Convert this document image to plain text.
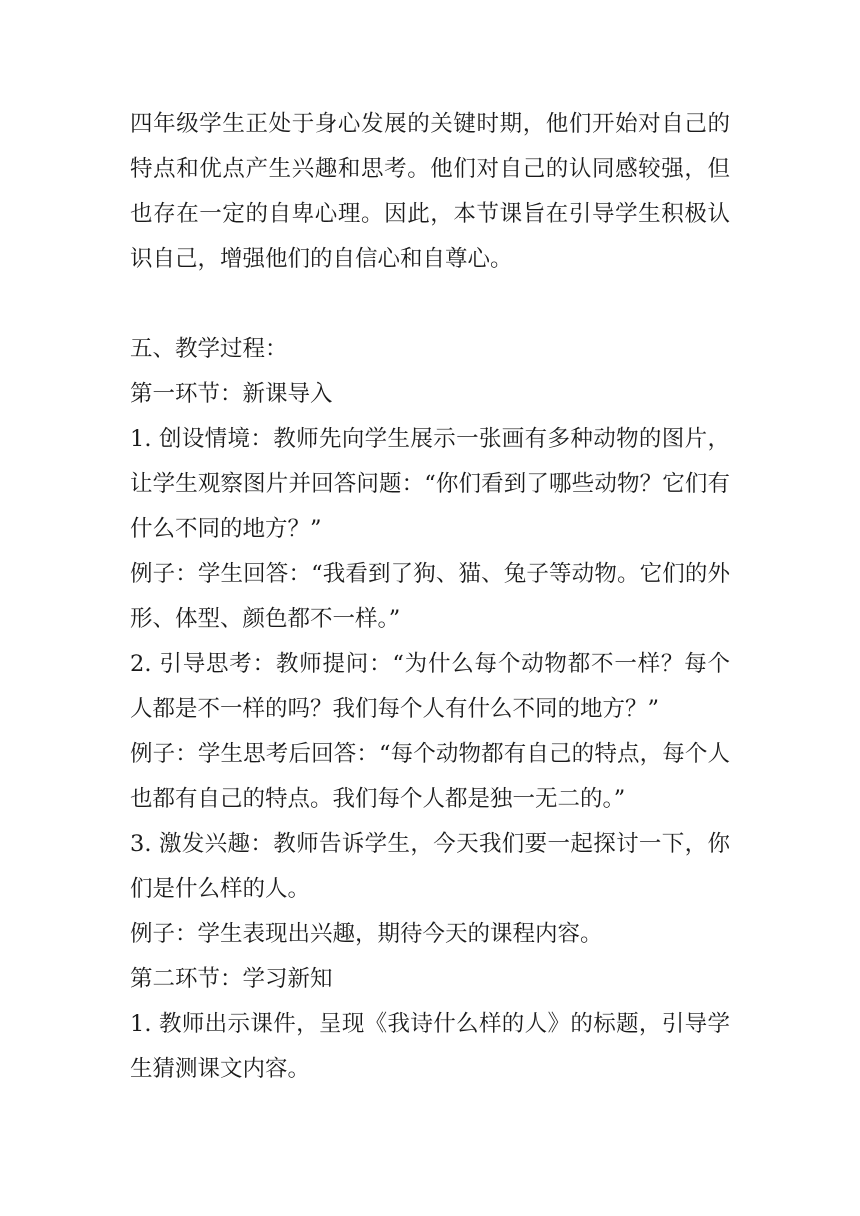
四年级学生正处于身心发展的关键时期，他们开始对自己的特点和优点产生兴趣和思考。他们对自己的认同感较强，但也存在一定的自卑心理。因此，本节课旨在引导学生积极认识自己，增强他们的自信心和自尊心。

五、教学过程：

第一环节：新课导入

1. 创设情境：教师先向学生展示一张画有多种动物的图片，让学生观察图片并回答问题：“你们看到了哪些动物？它们有什么不同的地方？”

例子：学生回答：“我看到了狗、猫、兔子等动物。它们的外形、体型、颜色都不一样。”

2. 引导思考：教师提问：“为什么每个动物都不一样？每个人都是不一样的吗？我们每个人有什么不同的地方？”

例子：学生思考后回答：“每个动物都有自己的特点，每个人也都有自己的特点。我们每个人都是独一无二的。”

3. 激发兴趣：教师告诉学生，今天我们要一起探讨一下，你们是什么样的人。

例子：学生表现出兴趣，期待今天的课程内容。

第二环节：学习新知

1. 教师出示课件，呈现《我诗什么样的人》的标题，引导学生猜测课文内容。
